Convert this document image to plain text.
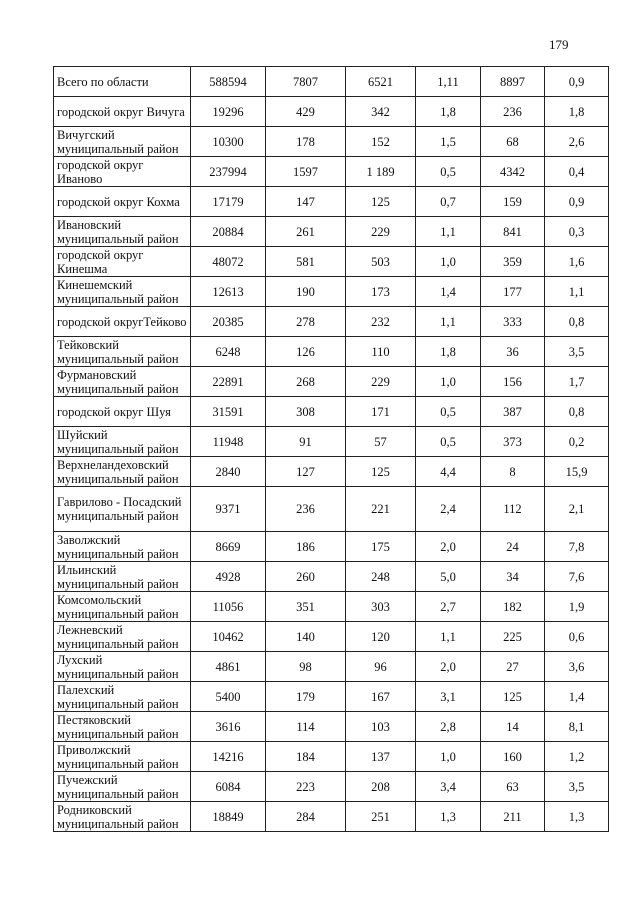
179
Всего по области	588594	7807	6521	1,11	8897	0,9
городской округ Вичуга	19296	429	342	1,8	236	1,8
Вичугский муниципальный район	10300	178	152	1,5	68	2,6
городской округ Иваново	237994	1597	1 189	0,5	4342	0,4
городской округ Кохма	17179	147	125	0,7	159	0,9
Ивановский муниципальный район	20884	261	229	1,1	841	0,3
городской округ Кинешма	48072	581	503	1,0	359	1,6
Кинешемский муниципальный район	12613	190	173	1,4	177	1,1
городской округТейково	20385	278	232	1,1	333	0,8
Тейковский муниципальный район	6248	126	110	1,8	36	3,5
Фурмановский муниципальный район	22891	268	229	1,0	156	1,7
городской округ Шуя	31591	308	171	0,5	387	0,8
Шуйский муниципальный район	11948	91	57	0,5	373	0,2
Верхнеландеховский муниципальный район	2840	127	125	4,4	8	15,9
Гаврилово - Посадский муниципальный район	9371	236	221	2,4	112	2,1
Заволжский муниципальный район	8669	186	175	2,0	24	7,8
Ильинский муниципальный район	4928	260	248	5,0	34	7,6
Комсомольский муниципальный район	11056	351	303	2,7	182	1,9
Лежневский муниципальный район	10462	140	120	1,1	225	0,6
Лухский муниципальный район	4861	98	96	2,0	27	3,6
Палехский муниципальный район	5400	179	167	3,1	125	1,4
Пестяковский муниципальный район	3616	114	103	2,8	14	8,1
Приволжский муниципальный район	14216	184	137	1,0	160	1,2
Пучежский муниципальный район	6084	223	208	3,4	63	3,5
Родниковский муниципальный район	18849	284	251	1,3	211	1,3
